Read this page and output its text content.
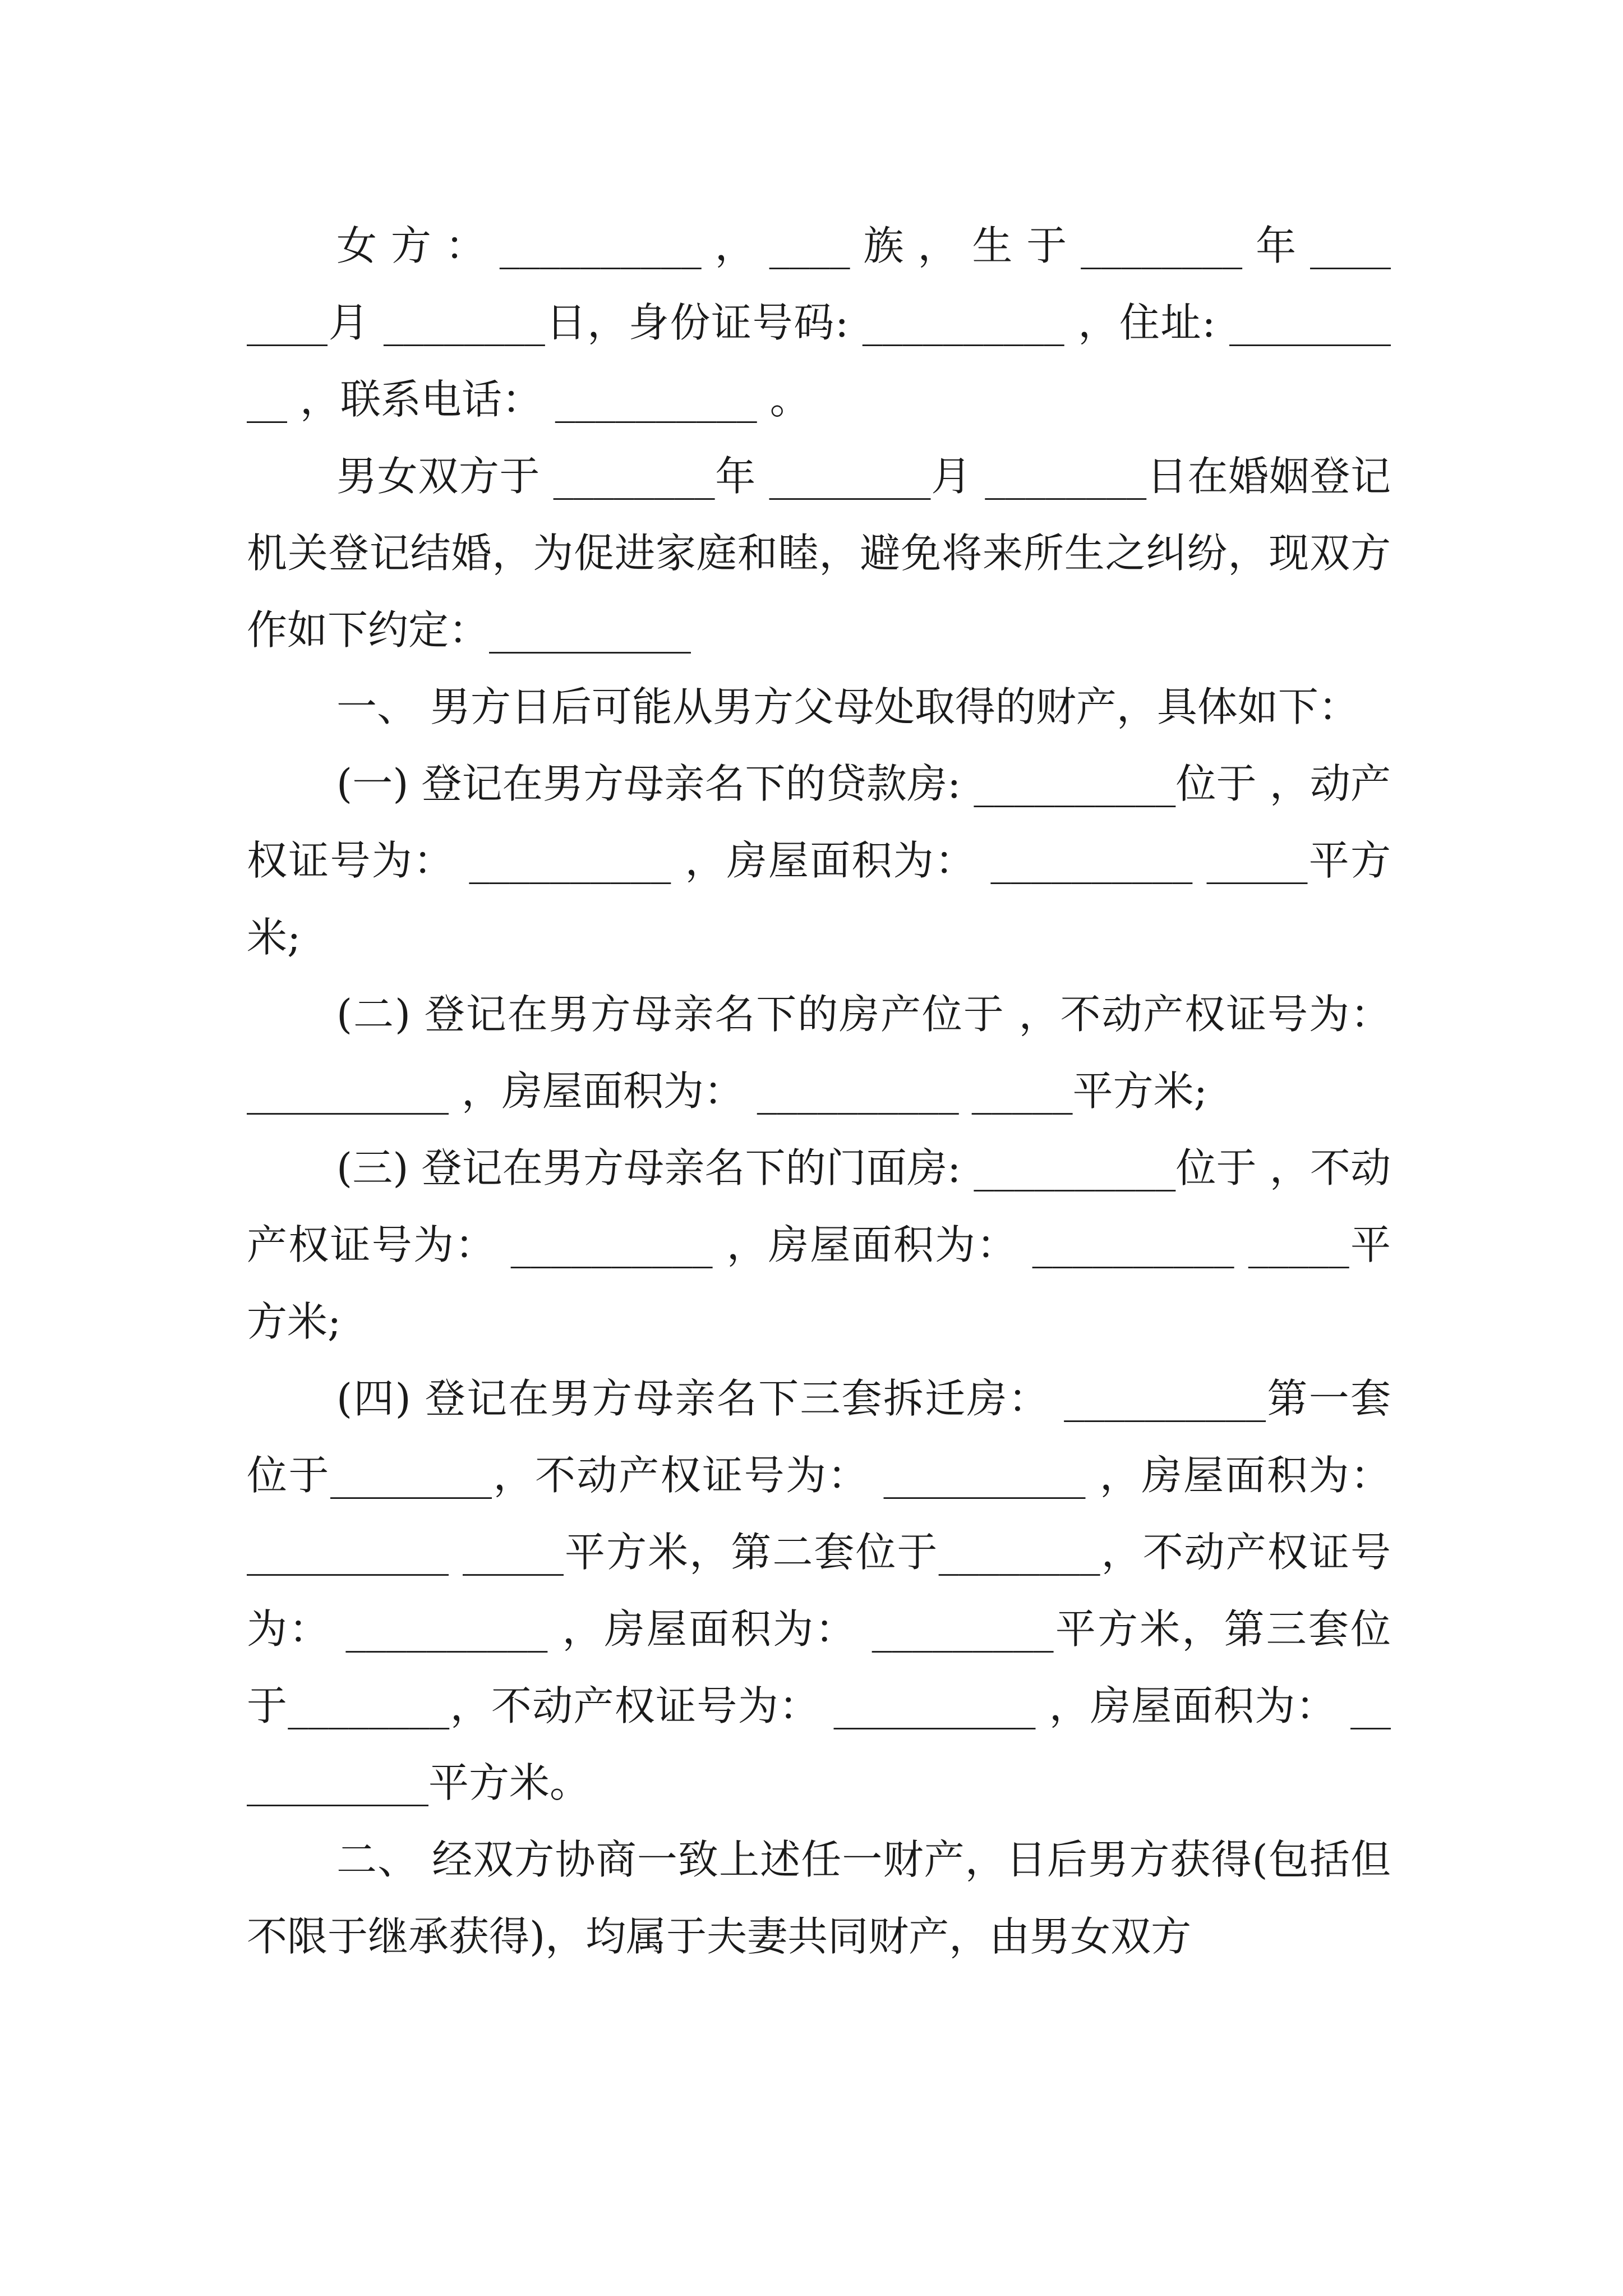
女 方 ： __________ ， ____ 族 ， 生 于 ________ 年 ________月 ________日，身份证号码: __________ ，住址: __________ ，联系电话： __________ 。

男女双方于 ________年 ________月 ________日在婚姻登记机关登记结婚，为促进家庭和睦，避免将来所生之纠纷，现双方作如下约定：__________

一、 男方日后可能从男方父母处取得的财产，具体如下：

(一) 登记在男方母亲名下的贷款房: __________位于 ，动产权证号为： __________ ，房屋面积为： __________ _____平方米;

(二) 登记在男方母亲名下的房产位于 ，不动产权证号为： __________ ，房屋面积为： __________ _____平方米;

(三) 登记在男方母亲名下的门面房: __________位于 ，不动产权证号为： __________ ，房屋面积为： __________ _____平方米;

(四) 登记在男方母亲名下三套拆迁房： __________第一套位于________，不动产权证号为： __________ ，房屋面积为： __________ _____平方米，第二套位于________，不动产权证号为： __________ ，房屋面积为： _________平方米，第三套位于________，不动产权证号为： __________ ，房屋面积为： ___________平方米。

二、 经双方协商一致上述任一财产，日后男方获得(包括但不限于继承获得)，均属于夫妻共同财产，由男女双方
